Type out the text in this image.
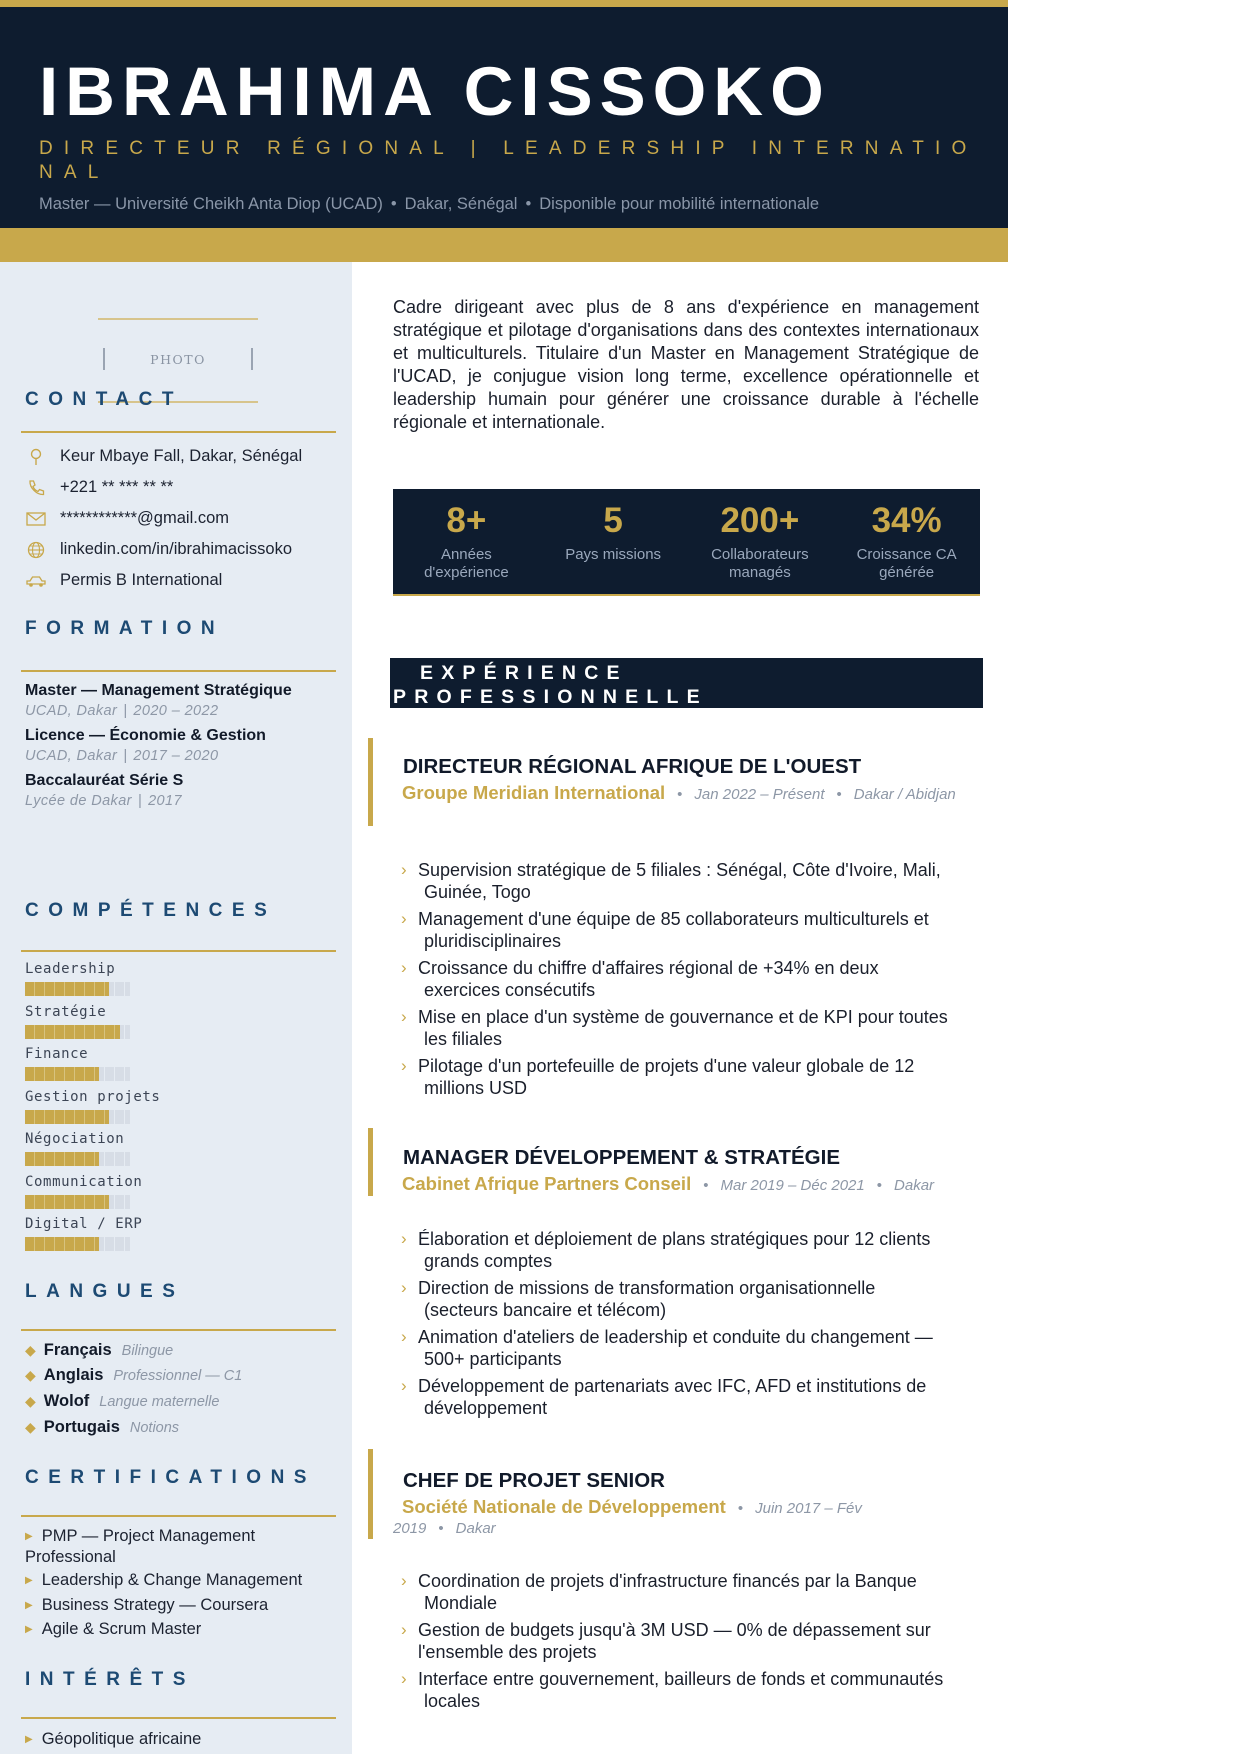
IBRAHIMA CISSOKO
DIRECTEUR RÉGIONAL | LEADERSHIP INTERNATIONAL
Master — Université Cheikh Anta Diop (UCAD) • Dakar, Sénégal • Disponible pour mobilité internationale
PHOTO
CONTACT
Keur Mbaye Fall, Dakar, Sénégal
+221 ** *** ** **
************@gmail.com
linkedin.com/in/ibrahimacissoko
Permis B International
FORMATION
Master — Management Stratégique
UCAD, Dakar | 2020 – 2022
Licence — Économie & Gestion
UCAD, Dakar | 2017 – 2020
Baccalauréat Série S
Lycée de Dakar | 2017
COMPÉTENCES
Leadership
Stratégie
Finance
Gestion projets
Négociation
Communication
Digital / ERP
LANGUES
◆ Français Bilingue
◆ Anglais Professionnel — C1
◆ Wolof Langue maternelle
◆ Portugais Notions
CERTIFICATIONS
▶ PMP — Project Management Professional
▶ Leadership & Change Management
▶ Business Strategy — Coursera
▶ Agile & Scrum Master
INTÉRÊTS
▶ Géopolitique africaine
Cadre dirigeant avec plus de 8 ans d'expérience en management stratégique et pilotage d'organisations dans des contextes internationaux et multiculturels. Titulaire d'un Master en Management Stratégique de l'UCAD, je conjugue vision long terme, excellence opérationnelle et leadership humain pour générer une croissance durable à l'échelle régionale et internationale.
8+
Années d'expérience
5
Pays missions
200+
Collaborateurs managés
34%
Croissance CA générée
EXPÉRIENCE PROFESSIONNELLE
DIRECTEUR RÉGIONAL AFRIQUE DE L'OUEST
Groupe Meridian International • Jan 2022 – Présent • Dakar / Abidjan
› Supervision stratégique de 5 filiales : Sénégal, Côte d'Ivoire, Mali,
Guinée, Togo
› Management d'une équipe de 85 collaborateurs multiculturels et
pluridisciplinaires
› Croissance du chiffre d'affaires régional de +34% en deux
exercices consécutifs
› Mise en place d'un système de gouvernance et de KPI pour toutes
les filiales
› Pilotage d'un portefeuille de projets d'une valeur globale de 12
millions USD
MANAGER DÉVELOPPEMENT & STRATÉGIE
Cabinet Afrique Partners Conseil • Mar 2019 – Déc 2021 • Dakar
› Élaboration et déploiement de plans stratégiques pour 12 clients
grands comptes
› Direction de missions de transformation organisationnelle
(secteurs bancaire et télécom)
› Animation d'ateliers de leadership et conduite du changement —
500+ participants
› Développement de partenariats avec IFC, AFD et institutions de
développement
CHEF DE PROJET SENIOR
Société Nationale de Développement • Juin 2017 – Fév 2019 • Dakar
› Coordination de projets d'infrastructure financés par la Banque
Mondiale
› Gestion de budgets jusqu'à 3M USD — 0% de dépassement sur
l'ensemble des projets
› Interface entre gouvernement, bailleurs de fonds et communautés
locales
